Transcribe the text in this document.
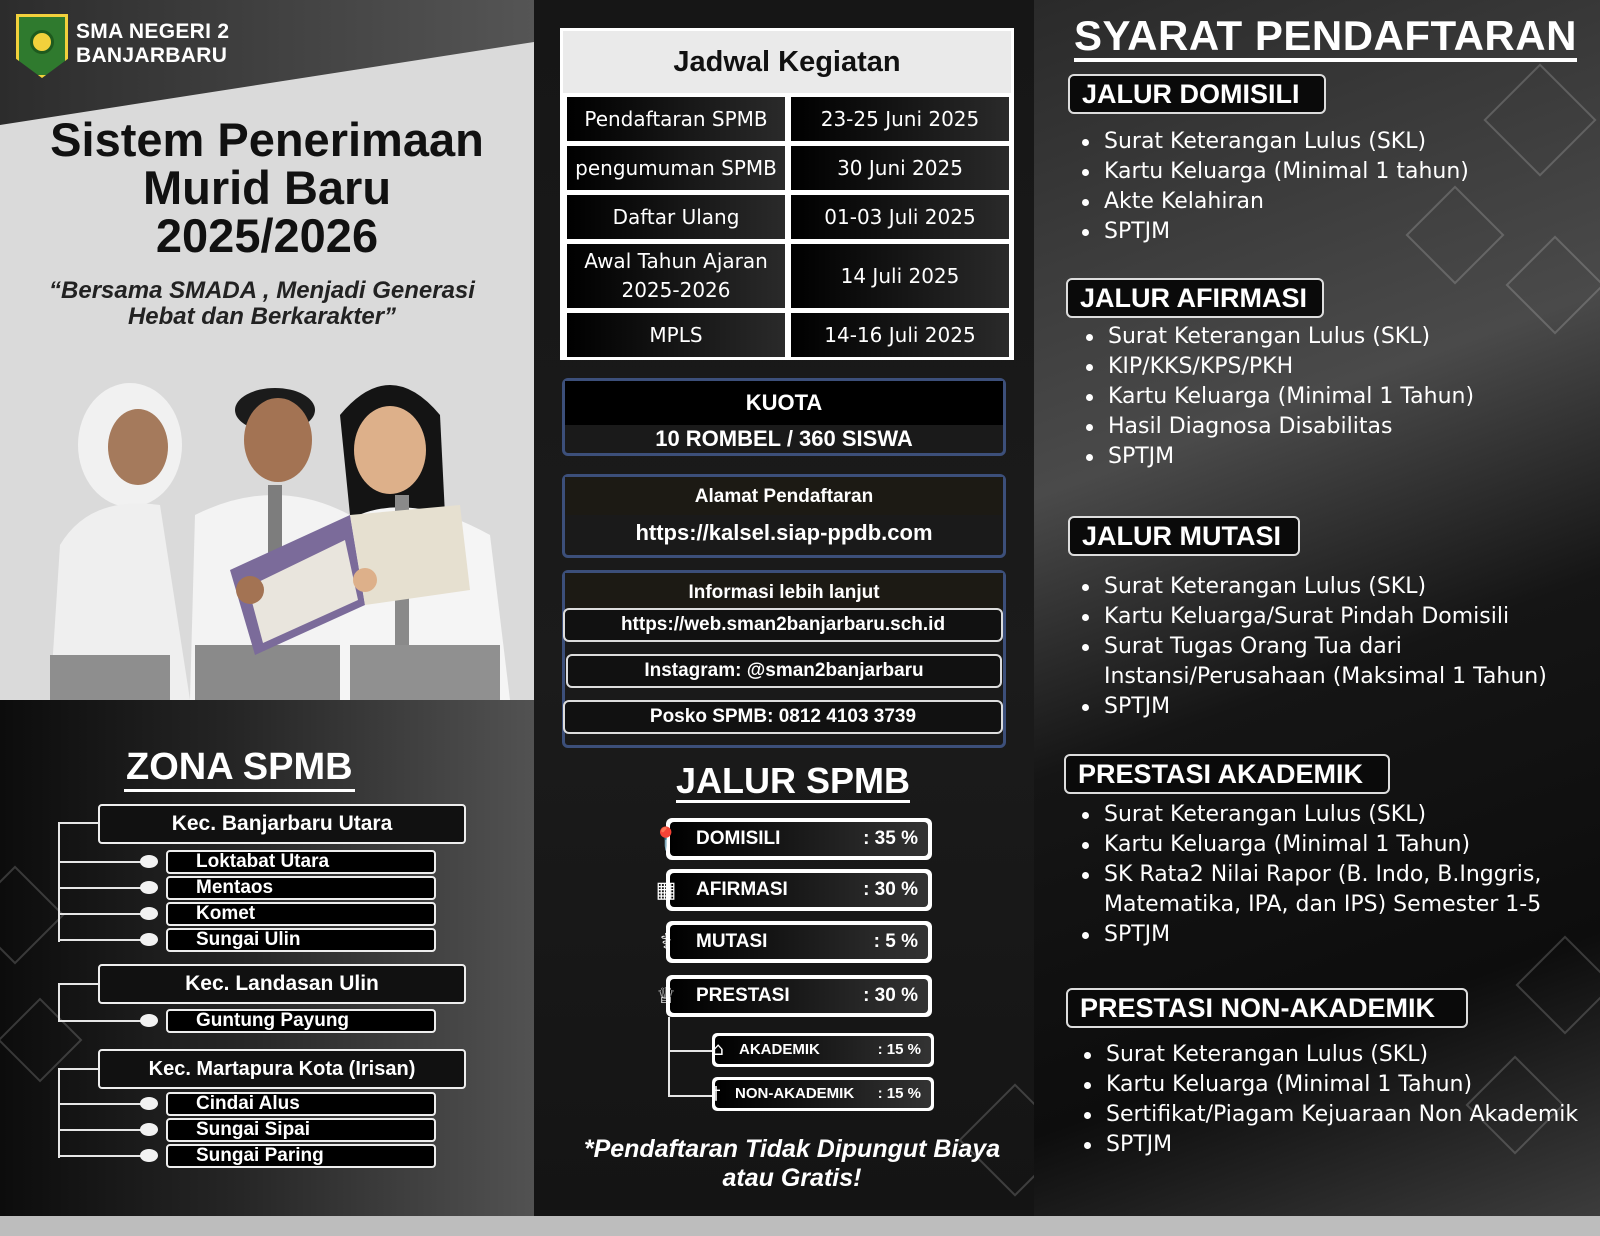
SMA NEGERI 2
BANJARBARU
Sistem Penerimaan
Murid Baru
2025/2026
“Bersama SMADA , Menjadi Generasi Hebat dan Berkarakter”
ZONA SPMB
Kec. Banjarbaru Utara
Loktabat Utara
Mentaos
Komet
Sungai Ulin
Kec. Landasan Ulin
Guntung Payung
Kec. Martapura Kota (Irisan)
Cindai Alus
Sungai Sipai
Sungai Paring
Jadwal Kegiatan
Pendaftaran SPMB	23-25 Juni 2025
pengumuman SPMB	30 Juni 2025
Daftar Ulang	01-03 Juli 2025
Awal Tahun Ajaran 2025-2026
14 Juli 2025
MPLS	14-16 Juli 2025
KUOTA
10 ROMBEL / 360 SISWA
Alamat Pendaftaran
https://kalsel.siap-ppdb.com
Informasi lebih lanjut
https://web.sman2banjarbaru.sch.id
Instagram: @sman2banjarbaru
Posko SPMB: 0812 4103 3739
JALUR SPMB
DOMISILI	: 35 %
📍
AFIRMASI	: 30 %
▦
MUTASI	: 5 %
⚕
PRESTASI	: 30 %
♕
AKADEMIK	: 15 %
⌂
NON-AKADEMIK : 15 %
†
*Pendaftaran Tidak Dipungut Biaya atau Gratis!
SYARAT PENDAFTARAN
JALUR DOMISILI
Surat Keterangan Lulus (SKL)
Kartu Keluarga (Minimal 1 tahun)
Akte Kelahiran
SPTJM
JALUR AFIRMASI
Surat Keterangan Lulus (SKL)
KIP/KKS/KPS/PKH
Kartu Keluarga (Minimal 1 Tahun)
Hasil Diagnosa Disabilitas
SPTJM
JALUR MUTASI
Surat Keterangan Lulus (SKL)
Kartu Keluarga/Surat Pindah Domisili
Surat Tugas Orang Tua dari Instansi/Perusahaan (Maksimal 1 Tahun)
SPTJM
PRESTASI AKADEMIK
Surat Keterangan Lulus (SKL)
Kartu Keluarga (Minimal 1 Tahun)
SK Rata2 Nilai Rapor (B. Indo, B.Inggris, Matematika, IPA, dan IPS) Semester 1-5
SPTJM
PRESTASI NON-AKADEMIK
Surat Keterangan Lulus (SKL)
Kartu Keluarga (Minimal 1 Tahun)
Sertifikat/Piagam Kejuaraan Non Akademik
SPTJM
